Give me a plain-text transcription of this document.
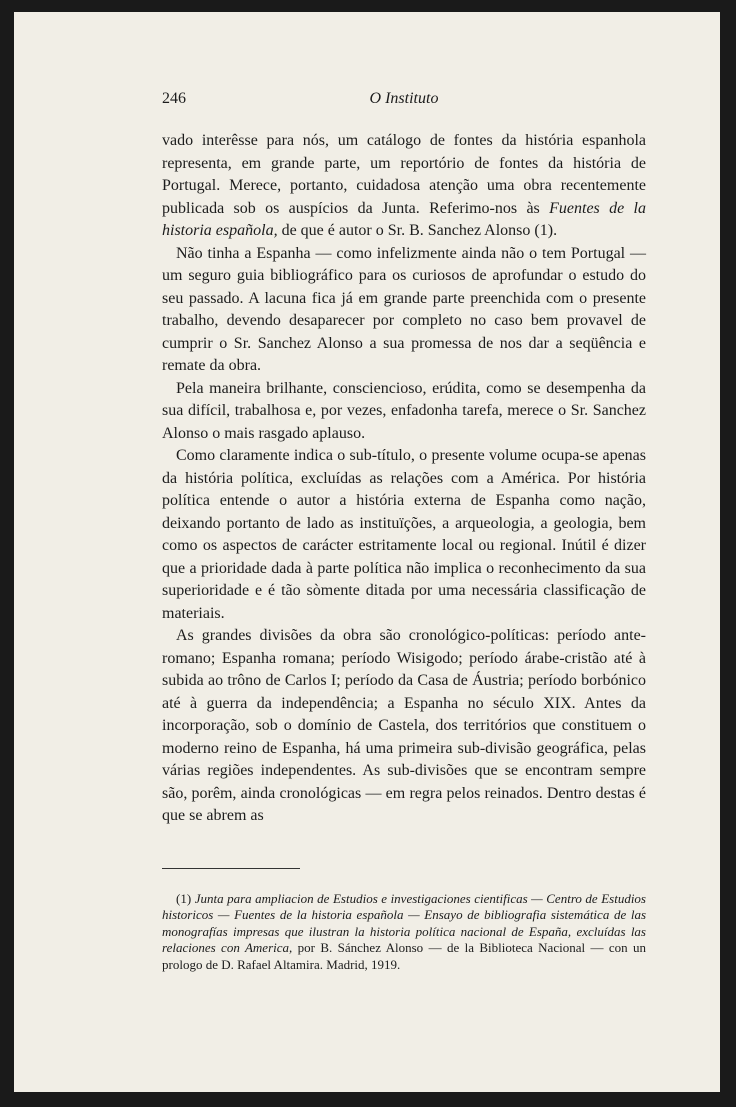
246	O Instituto

vado interêsse para nós, um catálogo de fontes da história espanhola representa, em grande parte, um reportório de fontes da história de Portugal. Merece, portanto, cuidadosa atenção uma obra recentemente publicada sob os auspícios da Junta. Referimo-nos às Fuentes de la historia española, de que é autor o Sr. B. Sanchez Alonso (1).

Não tinha a Espanha — como infelizmente ainda não o tem Portugal — um seguro guia bibliográfico para os curiosos de aprofundar o estudo do seu passado. A lacuna fica já em grande parte preenchida com o presente trabalho, devendo desaparecer por completo no caso bem provavel de cumprir o Sr. Sanchez Alonso a sua promessa de nos dar a seqüência e remate da obra.

Pela maneira brilhante, consciencioso, erúdita, como se desempenha da sua difícil, trabalhosa e, por vezes, enfadonha tarefa, merece o Sr. Sanchez Alonso o mais rasgado aplauso.

Como claramente indica o sub-título, o presente volume ocupa-se apenas da história política, excluídas as relações com a América. Por história política entende o autor a história externa de Espanha como nação, deixando portanto de lado as instituïções, a arqueologia, a geologia, bem como os aspectos de carácter estritamente local ou regional. Inútil é dizer que a prioridade dada à parte política não implica o reconhecimento da sua superioridade e é tão sòmente ditada por uma necessária classificação de materiais.

As grandes divisões da obra são cronológico-políticas: período ante-romano; Espanha romana; período Wisigodo; período árabe-cristão até à subida ao trôno de Carlos I; período da Casa de Áustria; período borbónico até à guerra da independência; a Espanha no século XIX. Antes da incorporação, sob o domínio de Castela, dos territórios que constituem o moderno reino de Espanha, há uma primeira sub-divisão geográfica, pelas várias regiões independentes. As sub-divisões que se encontram sempre são, porêm, ainda cronológicas — em regra pelos reinados. Dentro destas é que se abrem as

(1) Junta para ampliacion de Estudios e investigaciones cientificas — Centro de Estudios historicos — Fuentes de la historia española — Ensayo de bibliografia sistemática de las monografías impresas que ilustran la historia política nacional de España, excluídas las relaciones con America, por B. Sánchez Alonso — de la Biblioteca Nacional — con un prologo de D. Rafael Altamira. Madrid, 1919.
